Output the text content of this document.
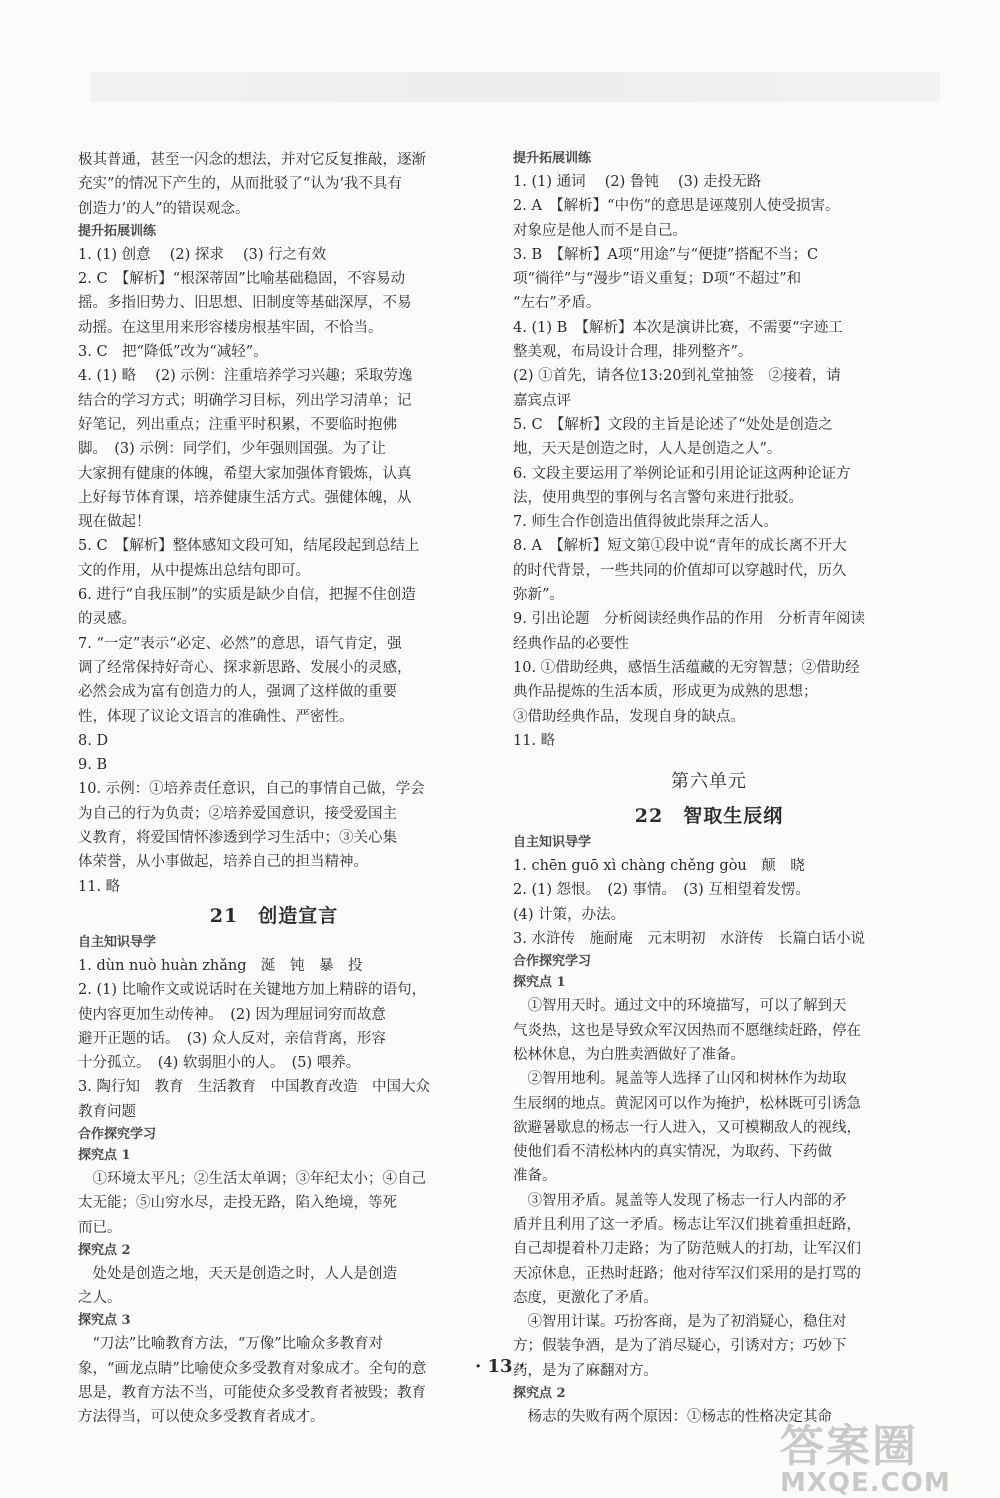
极其普通，甚至一闪念的想法，并对它反复推敲，逐渐
充实”的情况下产生的，从而批驳了“认为‘我不具有
创造力’的人”的错误观念。
提升拓展训练
1. (1) 创意　 (2) 探求　 (3) 行之有效
2. C　【解析】“根深蒂固”比喻基础稳固，不容易动
摇。多指旧势力、旧思想、旧制度等基础深厚，不易
动摇。在这里用来形容楼房根基牢固，不恰当。
3. C　把“降低”改为“减轻”。
4. (1) 略　 (2) 示例：注重培养学习兴趣；采取劳逸
结合的学习方式；明确学习目标，列出学习清单；记
好笔记，列出重点；注重平时积累，不要临时抱佛
脚。　(3) 示例：同学们，少年强则国强。为了让
大家拥有健康的体魄，希望大家加强体育锻炼，认真
上好每节体育课，培养健康生活方式。强健体魄，从
现在做起！
5. C　【解析】整体感知文段可知，结尾段起到总结上
文的作用，从中提炼出总结句即可。
6. 进行“自我压制”的实质是缺少自信，把握不住创造
的灵感。
7. “一定”表示“必定、必然”的意思，语气肯定，强
调了经常保持好奇心、探求新思路、发展小的灵感，
必然会成为富有创造力的人，强调了这样做的重要
性，体现了议论文语言的准确性、严密性。
8. D
9. B
10. 示例：①培养责任意识，自己的事情自己做，学会
为自己的行为负责；②培养爱国意识，接受爱国主
义教育，将爱国情怀渗透到学习生活中；③关心集
体荣誉，从小事做起，培养自己的担当精神。
11. 略
21　创造宣言
自主知识导学
1. dùn nuò huàn zhǎng　涎　钝　暴　投
2. (1) 比喻作文或说话时在关键地方加上精辟的语句，
使内容更加生动传神。　(2) 因为理屈词穷而故意
避开正题的话。　(3) 众人反对，亲信背离，形容
十分孤立。　(4) 软弱胆小的人。　(5) 喂养。
3. 陶行知　教育　生活教育　中国教育改造　中国大众
教育问题
合作探究学习
探究点 1
　①环境太平凡；②生活太单调；③年纪太小；④自己
太无能；⑤山穷水尽，走投无路，陷入绝境，等死
而已。
探究点 2
　处处是创造之地，天天是创造之时，人人是创造
之人。
探究点 3
　“刀法”比喻教育方法，“万像”比喻众多教育对
象，“画龙点睛”比喻使众多受教育对象成才。全句的意
思是，教育方法不当，可能使众多受教育者被毁；教育
方法得当，可以使众多受教育者成才。
提升拓展训练
1. (1) 通词　 (2) 鲁钝　 (3) 走投无路
2. A　【解析】“中伤”的意思是诬蔑别人使受损害。
对象应是他人而不是自己。
3. B　【解析】A项“用途”与“便捷”搭配不当；C
项“徜徉”与“漫步”语义重复；D项“不超过”和
“左右”矛盾。
4. (1) B　【解析】本次是演讲比赛，不需要“字迹工
整美观，布局设计合理，排列整齐”。
(2) ①首先，请各位13:20到礼堂抽签　②接着，请
嘉宾点评
5. C　【解析】文段的主旨是论述了“处处是创造之
地，天天是创造之时，人人是创造之人”。
6. 文段主要运用了举例论证和引用论证这两种论证方
法，使用典型的事例与名言警句来进行批驳。
7. 师生合作创造出值得彼此崇拜之活人。
8. A　【解析】短文第①段中说“青年的成长离不开大
的时代背景，一些共同的价值却可以穿越时代，历久
弥新”。
9. 引出论题　分析阅读经典作品的作用　分析青年阅读
经典作品的必要性
10. ①借助经典，感悟生活蕴藏的无穷智慧；②借助经
典作品提炼的生活本质，形成更为成熟的思想；
③借助经典作品，发现自身的缺点。
11. 略
第六单元
22　智取生辰纲
自主知识导学
1. chēn guō xì chàng chěng gòu　颠　晓
2. (1) 怨恨。　(2) 事情。　(3) 互相望着发愣。
(4) 计策，办法。
3. 水浒传　施耐庵　元末明初　水浒传　长篇白话小说
合作探究学习
探究点 1
　①智用天时。通过文中的环境描写，可以了解到天
气炎热，这也是导致众军汉因热而不愿继续赶路，停在
松林休息，为白胜卖酒做好了准备。
　②智用地利。晁盖等人选择了山冈和树林作为劫取
生辰纲的地点。黄泥冈可以作为掩护，松林既可引诱急
欲避暑歇息的杨志一行人进入，又可模糊敌人的视线，
使他们看不清松林内的真实情况，为取药、下药做
准备。
　③智用矛盾。晁盖等人发现了杨志一行人内部的矛
盾并且利用了这一矛盾。杨志让军汉们挑着重担赶路，
自己却提着朴刀走路；为了防范贼人的打劫，让军汉们
天凉休息，正热时赶路；他对待军汉们采用的是打骂的
态度，更激化了矛盾。
　④智用计谋。巧扮客商，是为了初消疑心，稳住对
方；假装争酒，是为了消尽疑心，引诱对方；巧妙下
药，是为了麻翻对方。
探究点 2
　杨志的失败有两个原因：①杨志的性格决定其命
· 13 ·
答案圈
MXQE.COM
